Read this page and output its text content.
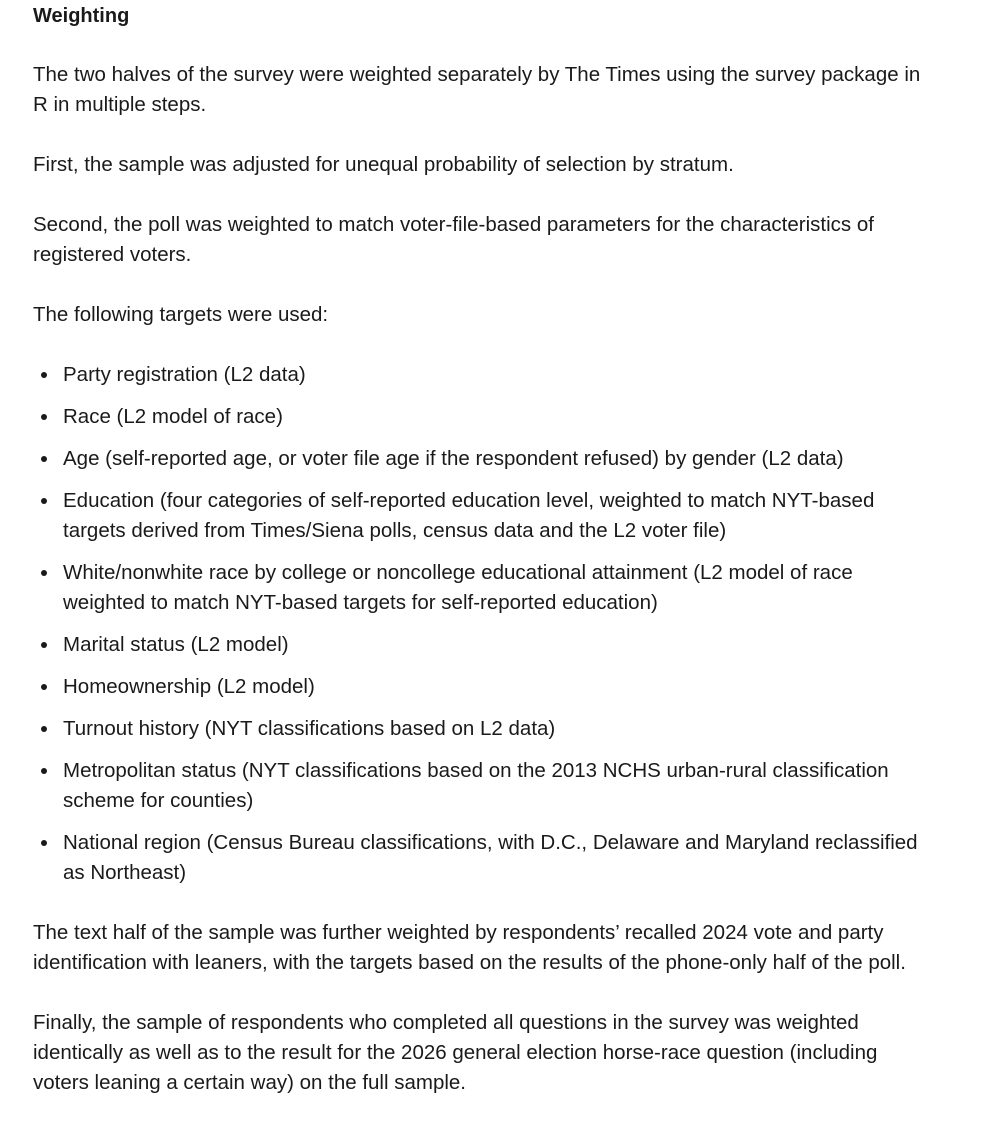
Weighting

The two halves of the survey were weighted separately by The Times using the survey package in R in multiple steps.

First, the sample was adjusted for unequal probability of selection by stratum.

Second, the poll was weighted to match voter-file-based parameters for the characteristics of registered voters.

The following targets were used:

Party registration (L2 data)
Race (L2 model of race)
Age (self-reported age, or voter file age if the respondent refused) by gender (L2 data)
Education (four categories of self-reported education level, weighted to match NYT-based targets derived from Times/Siena polls, census data and the L2 voter file)
White/nonwhite race by college or noncollege educational attainment (L2 model of race weighted to match NYT-based targets for self-reported education)
Marital status (L2 model)
Homeownership (L2 model)
Turnout history (NYT classifications based on L2 data)
Metropolitan status (NYT classifications based on the 2013 NCHS urban-rural classification scheme for counties)
National region (Census Bureau classifications, with D.C., Delaware and Maryland reclassified as Northeast)

The text half of the sample was further weighted by respondents’ recalled 2024 vote and party identification with leaners, with the targets based on the results of the phone-only half of the poll.

Finally, the sample of respondents who completed all questions in the survey was weighted identically as well as to the result for the 2026 general election horse-race question (including voters leaning a certain way) on the full sample.
